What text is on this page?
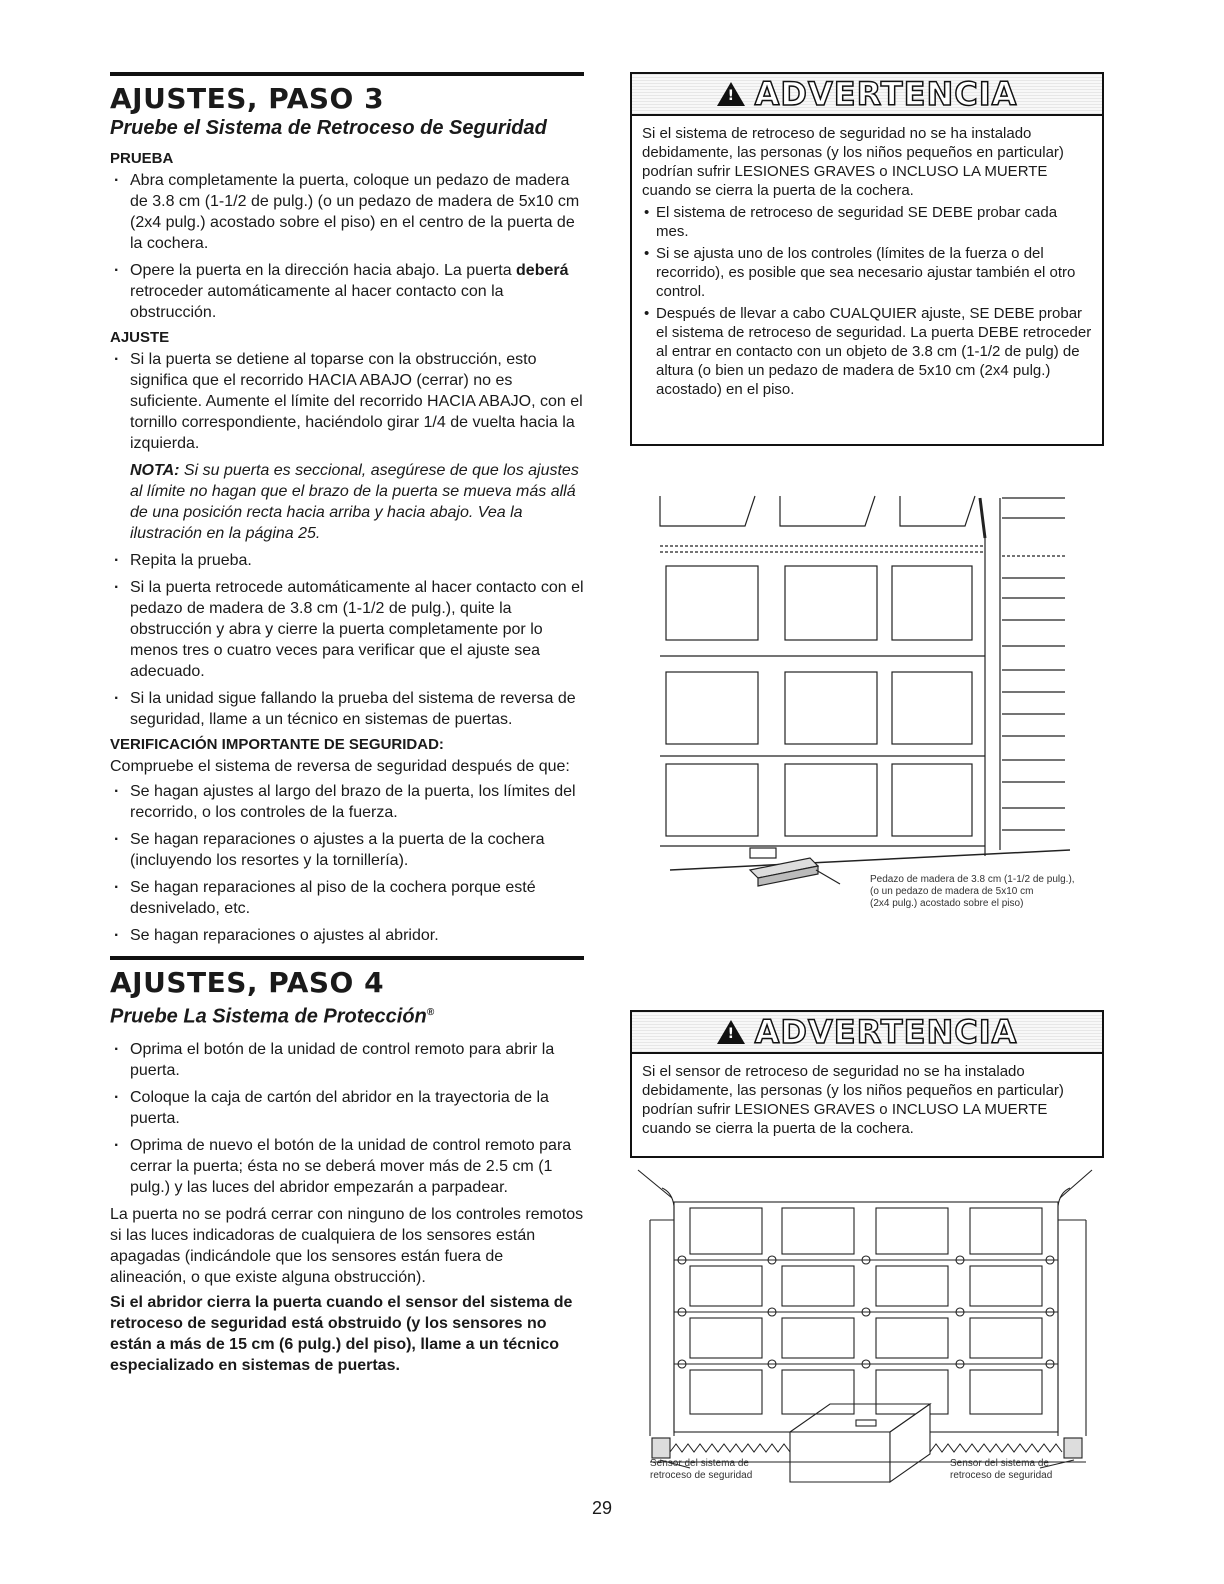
AJUSTES, PASO 3
Pruebe el Sistema de Retroceso de Seguridad
PRUEBA
· Abra completamente la puerta, coloque un pedazo de madera de 3.8 cm (1-1/2 de pulg.) (o un pedazo de madera de 5x10 cm (2x4 pulg.) acostado sobre el piso) en el centro de la puerta de la cochera.
· Opere la puerta en la dirección hacia abajo. La puerta deberá retroceder automáticamente al hacer contacto con la obstrucción.
AJUSTE
· Si la puerta se detiene al toparse con la obstrucción, esto significa que el recorrido HACIA ABAJO (cerrar) no es suficiente. Aumente el límite del recorrido HACIA ABAJO, con el tornillo correspondiente, haciéndolo girar 1/4 de vuelta hacia la izquierda.
NOTA: Si su puerta es seccional, asegúrese de que los ajustes al límite no hagan que el brazo de la puerta se mueva más allá de una posición recta hacia arriba y hacia abajo. Vea la ilustración en la página 25.
· Repita la prueba.
· Si la puerta retrocede automáticamente al hacer contacto con el pedazo de madera de 3.8 cm (1-1/2 de pulg.), quite la obstrucción y abra y cierre la puerta completamente por lo menos tres o cuatro veces para verificar que el ajuste sea adecuado.
· Si la unidad sigue fallando la prueba del sistema de reversa de seguridad, llame a un técnico en sistemas de puertas.
VERIFICACIÓN IMPORTANTE DE SEGURIDAD:

Compruebe el sistema de reversa de seguridad después de que:

· Se hagan ajustes al largo del brazo de la puerta, los límites del recorrido, o los controles de la fuerza.
· Se hagan reparaciones o ajustes a la puerta de la cochera (incluyendo los resortes y la tornillería).
· Se hagan reparaciones al piso de la cochera porque esté desnivelado, etc.
· Se hagan reparaciones o ajustes al abridor.
AJUSTES, PASO 4
Pruebe La Sistema de Protección®
· Oprima el botón de la unidad de control remoto para abrir la puerta.
· Coloque la caja de cartón del abridor en la trayectoria de la puerta.
· Oprima de nuevo el botón de la unidad de control remoto para cerrar la puerta; ésta no se deberá mover más de 2.5 cm (1 pulg.) y las luces del abridor empezarán a parpadear.

La puerta no se podrá cerrar con ninguno de los controles remotos si las luces indicadoras de cualquiera de los sensores están apagadas (indicándole que los sensores están fuera de alineación, o que existe alguna obstrucción).

Si el abridor cierra la puerta cuando el sensor del sistema de retroceso de seguridad está obstruido (y los sensores no están a más de 15 cm (6 pulg.) del piso), llame a un técnico especializado en sistemas de puertas.

! ADVERTENCIA

Si el sistema de retroceso de seguridad no se ha instalado debidamente, las personas (y los niños pequeños en particular) podrían sufrir LESIONES GRAVES o INCLUSO LA MUERTE cuando se cierra la puerta de la cochera.

• El sistema de retroceso de seguridad SE DEBE probar cada mes.
• Si se ajusta uno de los controles (límites de la fuerza o del recorrido), es posible que sea necesario ajustar también el otro control.
• Después de llevar a cabo CUALQUIER ajuste, SE DEBE probar el sistema de retroceso de seguridad. La puerta DEBE retroceder al entrar en contacto con un objeto de 3.8 cm (1-1/2 de pulg) de altura (o bien un pedazo de madera de 5x10 cm (2x4 pulg.) acostado) en el piso.
Pedazo de madera de 3.8 cm (1-1/2 de pulg.),
(o un pedazo de madera de 5x10 cm
(2x4 pulg.) acostado sobre el piso)
! ADVERTENCIA

Si el sensor de retroceso de seguridad no se ha instalado debidamente, las personas (y los niños pequeños en particular) podrían sufrir LESIONES GRAVES o INCLUSO LA MUERTE cuando se cierra la puerta de la cochera.

Sensor del sistema de
retroceso de seguridad
Sensor del sistema de
retroceso de seguridad
29
